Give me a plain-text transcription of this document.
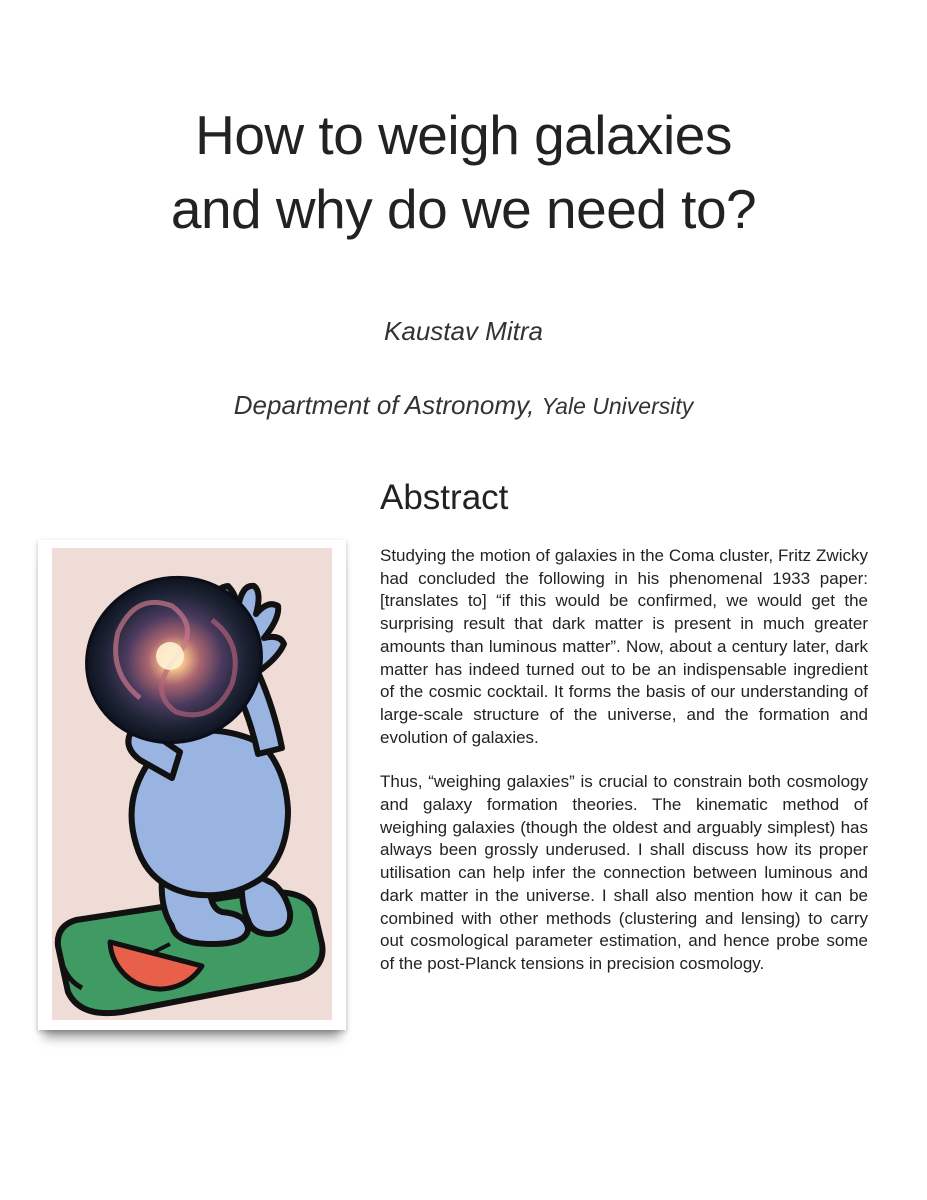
How to weigh galaxies
and why do we need to?
Kaustav Mitra
Department of Astronomy, Yale University
Abstract

Studying the motion of galaxies in the Coma cluster, Fritz Zwicky had concluded the following in his phenomenal 1933 paper: [translates to] “if this would be confirmed, we would get the surprising result that dark matter is present in much greater amounts than luminous matter”. Now, about a century later, dark matter has indeed turned out to be an indispensable ingredient of the cosmic cocktail. It forms the basis of our understanding of large-scale structure of the universe, and the formation and evolution of galaxies.

Thus, “weighing galaxies” is crucial to constrain both cosmology and galaxy formation theories. The kinematic method of weighing galaxies (though the oldest and arguably simplest) has always been grossly underused. I shall discuss how its proper utilisation can help infer the connection between luminous and dark matter in the universe. I shall also mention how it can be combined with other methods (clustering and lensing) to carry out cosmological parameter estimation, and hence probe some of the post-Planck tensions in precision cosmology.
